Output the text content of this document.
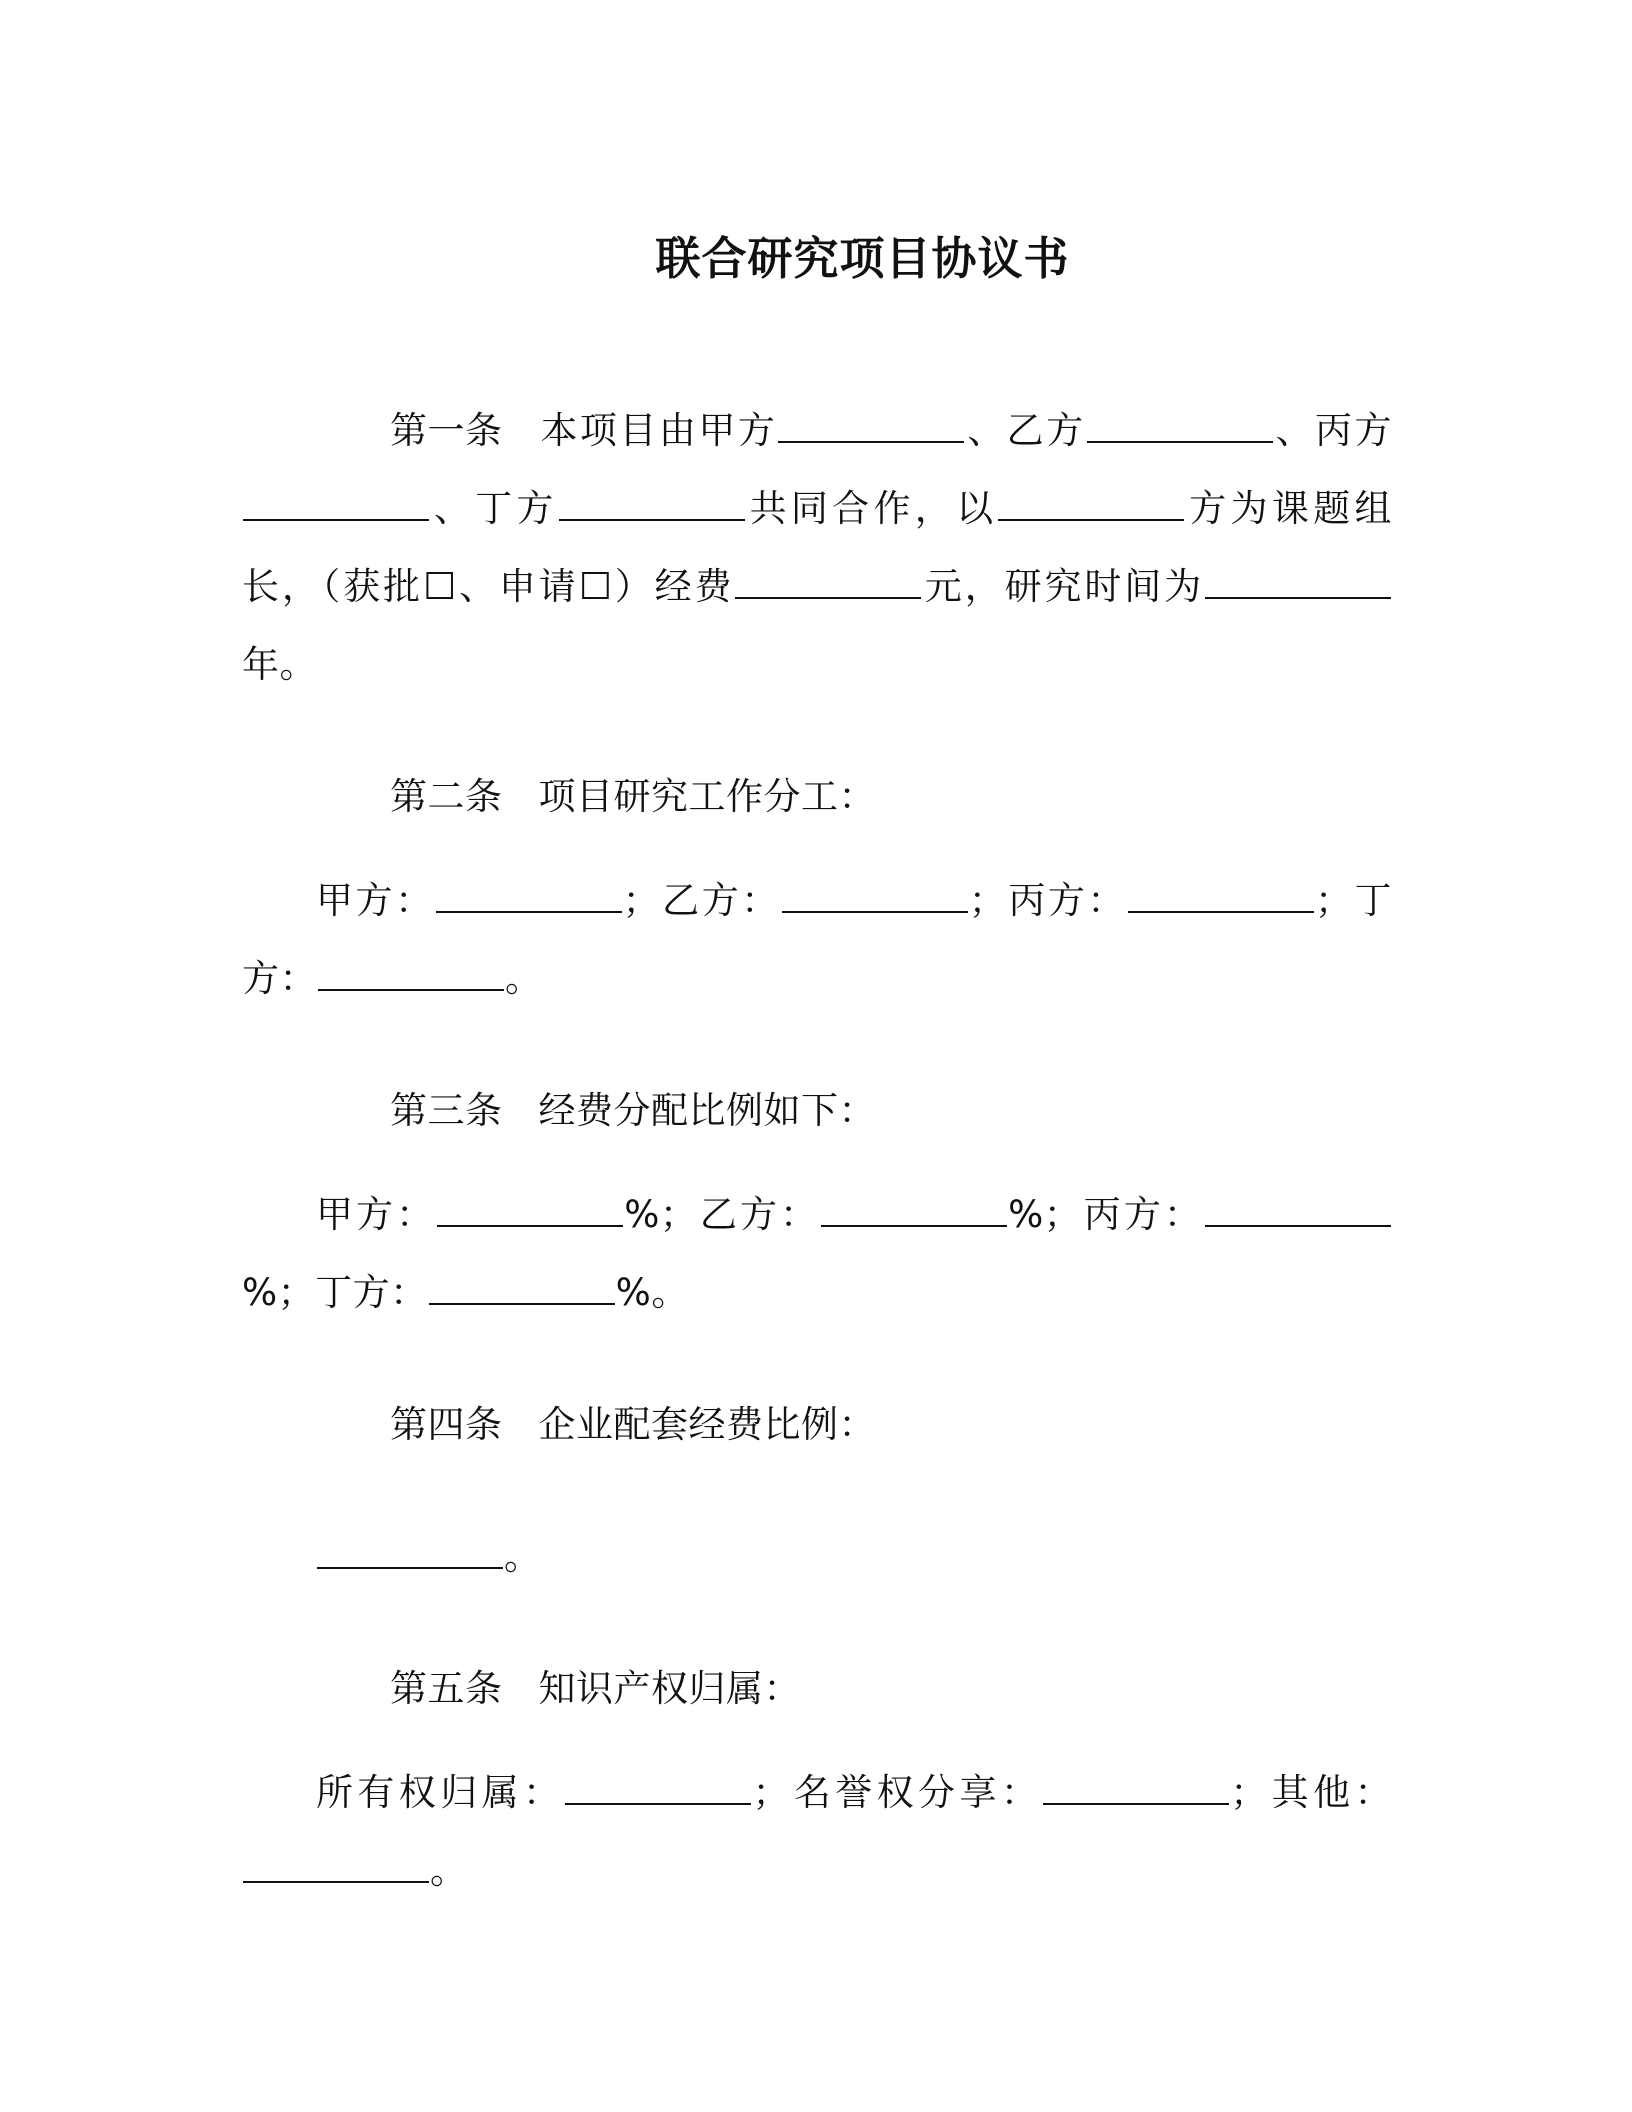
联合研究项目协议书

第一条 本项目由甲方	、乙方	、丙方、丁方	共同合作，以	方为课题组长，（获批☐、申请☐）经费	元，研究时间为年。

第二条 项目研究工作分工：

甲方：	；乙方：	；丙方：	；丁方：	。

第三条 经费分配比例如下：

甲方：	%；乙方：	%；丙方：%；丁方：	%。

第四条 企业配套经费比例：

。

第五条 知识产权归属：

所有权归属：	；名誉权分享：	；其他：。
